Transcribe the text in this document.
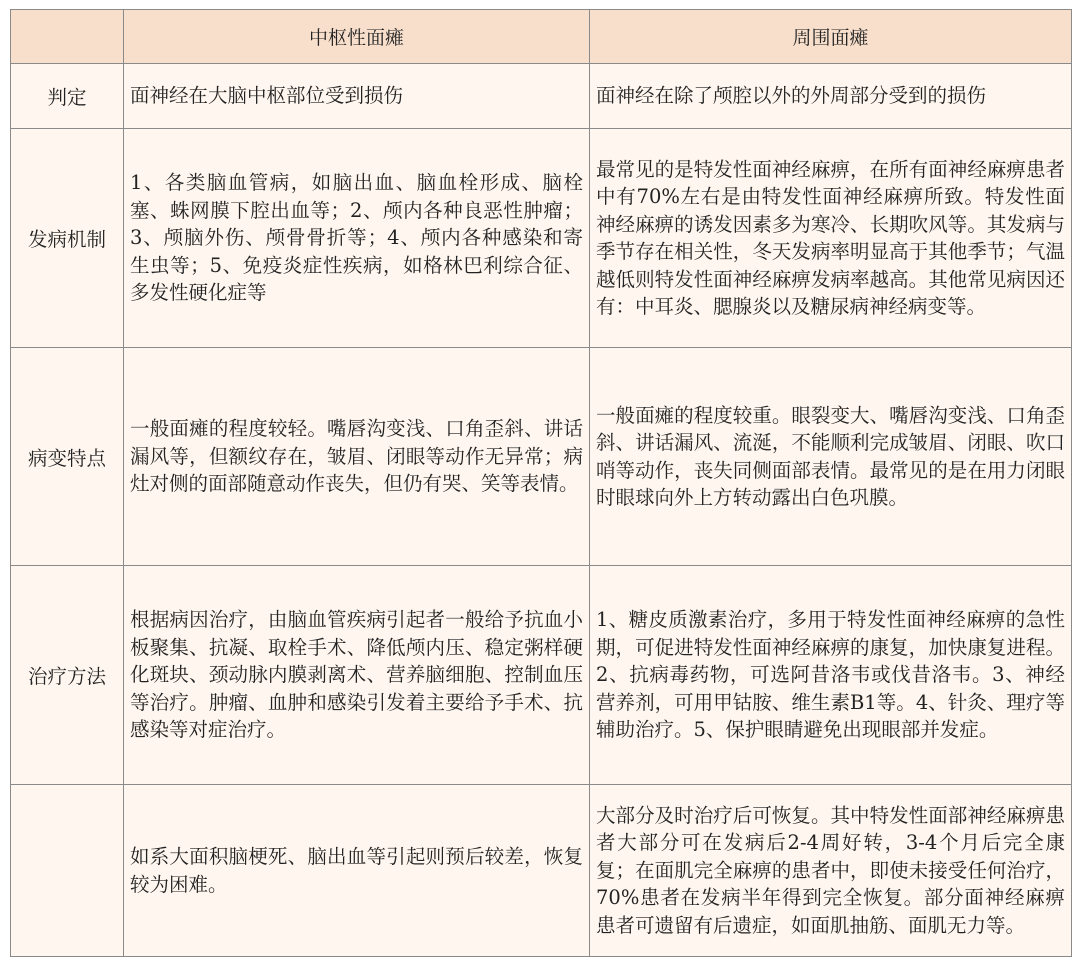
	中枢性面瘫	周围面瘫
判定	面神经在大脑中枢部位受到损伤	面神经在除了颅腔以外的外周部分受到的损伤
发病机制	1、各类脑血管病，如脑出血、脑血栓形成、脑栓塞、蛛网膜下腔出血等；2、颅内各种良恶性肿瘤；3、颅脑外伤、颅骨骨折等；4、颅内各种感染和寄生虫等；5、免疫炎症性疾病，如格林巴利综合征、多发性硬化症等	最常见的是特发性面神经麻痹，在所有面神经麻痹患者中有70%左右是由特发性面神经麻痹所致。特发性面神经麻痹的诱发因素多为寒冷、长期吹风等。其发病与季节存在相关性，冬天发病率明显高于其他季节；气温越低则特发性面神经麻痹发病率越高。其他常见病因还有：中耳炎、腮腺炎以及糖尿病神经病变等。
病变特点	一般面瘫的程度较轻。嘴唇沟变浅、口角歪斜、讲话漏风等，但额纹存在，皱眉、闭眼等动作无异常；病灶对侧的面部随意动作丧失，但仍有哭、笑等表情。	一般面瘫的程度较重。眼裂变大、嘴唇沟变浅、口角歪斜、讲话漏风、流涎，不能顺利完成皱眉、闭眼、吹口哨等动作，丧失同侧面部表情。最常见的是在用力闭眼时眼球向外上方转动露出白色巩膜。
治疗方法	根据病因治疗，由脑血管疾病引起者一般给予抗血小板聚集、抗凝、取栓手术、降低颅内压、稳定粥样硬化斑块、颈动脉内膜剥离术、营养脑细胞、控制血压等治疗。肿瘤、血肿和感染引发着主要给予手术、抗感染等对症治疗。	1、糖皮质激素治疗，多用于特发性面神经麻痹的急性期，可促进特发性面神经麻痹的康复，加快康复进程。2、抗病毒药物，可选阿昔洛韦或伐昔洛韦。3、神经营养剂，可用甲钴胺、维生素B1等。4、针灸、理疗等辅助治疗。5、保护眼睛避免出现眼部并发症。
	如系大面积脑梗死、脑出血等引起则预后较差，恢复较为困难。	大部分及时治疗后可恢复。其中特发性面部神经麻痹患者大部分可在发病后2-4周好转，3-4个月后完全康复；在面肌完全麻痹的患者中，即使未接受任何治疗，70%患者在发病半年得到完全恢复。部分面神经麻痹患者可遗留有后遗症，如面肌抽筋、面肌无力等。
